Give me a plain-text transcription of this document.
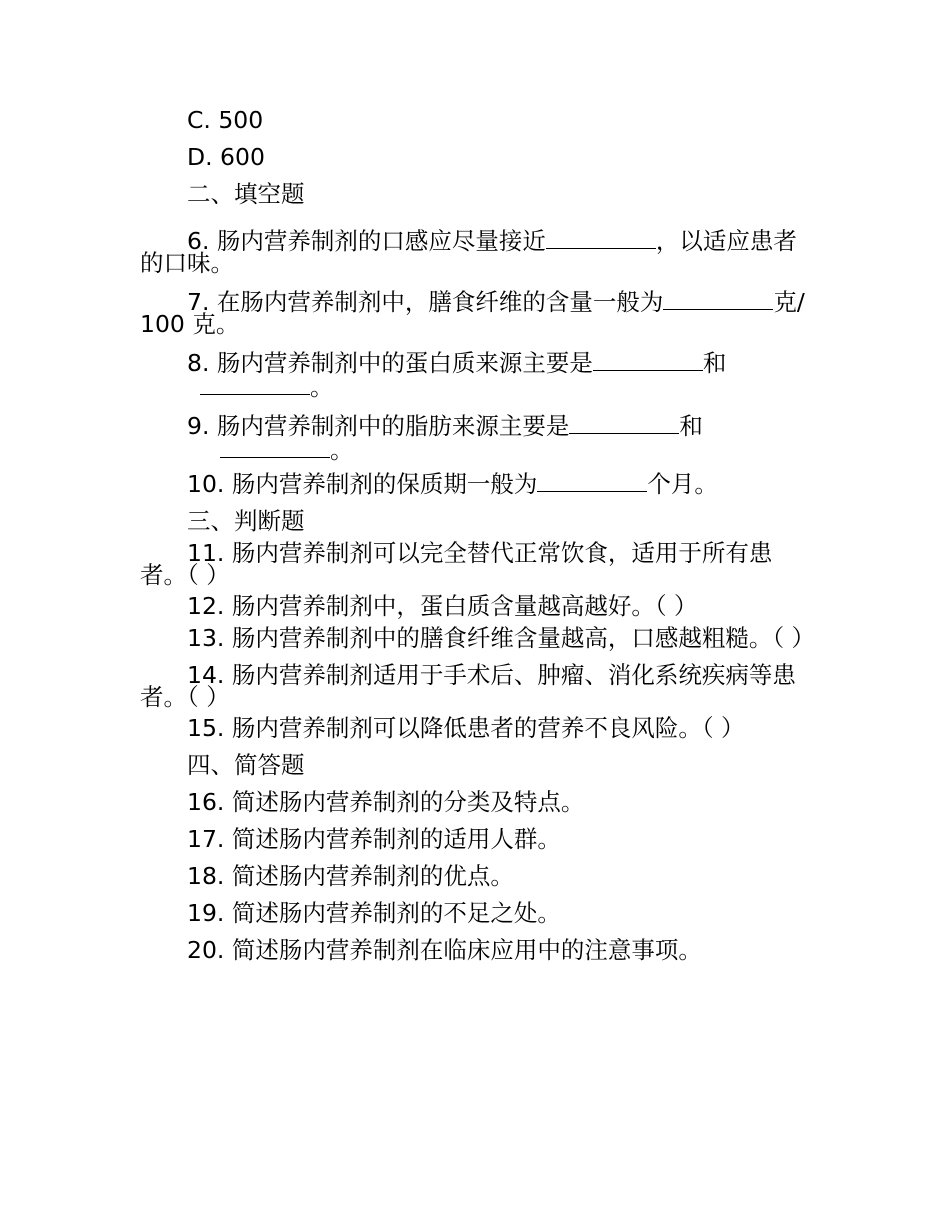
C. 500
D. 600
二、填空题
6. 肠内营养制剂的口感应尽量接近	，以适应患者的口味。
7. 在肠内营养制剂中，膳食纤维的含量一般为	克/100 克。
8. 肠内营养制剂中的蛋白质来源主要是	和。
9. 肠内营养制剂中的脂肪来源主要是	和。
10. 肠内营养制剂的保质期一般为	个月。
三、判断题
11. 肠内营养制剂可以完全替代正常饮食，适用于所有患者。（ ）
12. 肠内营养制剂中，蛋白质含量越高越好。（ ）
13. 肠内营养制剂中的膳食纤维含量越高，口感越粗糙。（ ）
14. 肠内营养制剂适用于手术后、肿瘤、消化系统疾病等患者。（ ）
15. 肠内营养制剂可以降低患者的营养不良风险。（ ）
四、简答题
16. 简述肠内营养制剂的分类及特点。
17. 简述肠内营养制剂的适用人群。
18. 简述肠内营养制剂的优点。
19. 简述肠内营养制剂的不足之处。
20. 简述肠内营养制剂在临床应用中的注意事项。
